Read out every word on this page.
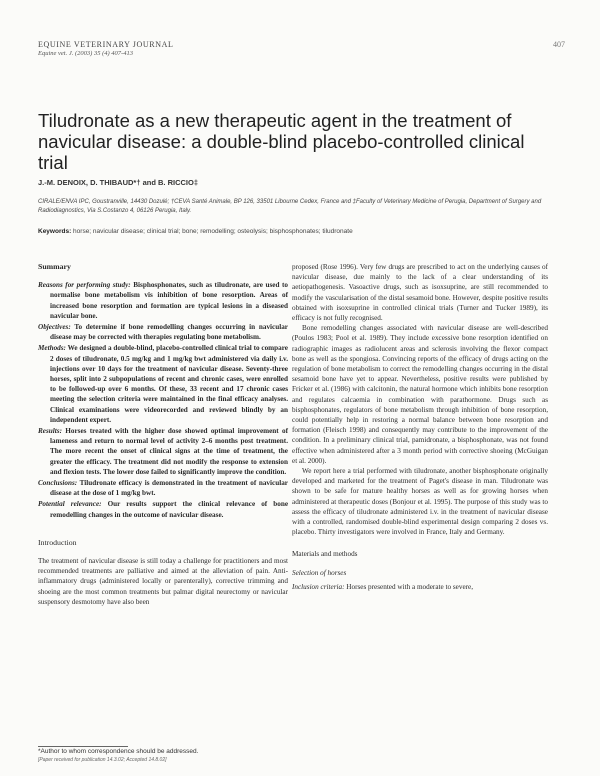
EQUINE VETERINARY JOURNAL
Equine vet. J. (2003) 35 (4) 407-413
407
Tiludronate as a new therapeutic agent in the treatment of navicular disease: a double-blind placebo-controlled clinical trial
J.-M. DENOIX, D. THIBAUD*† and B. RICCIO‡
CIRALE/ENVA IPC, Goustranville, 14430 Dozulé; †CEVA Santé Animale, BP 126, 33501 Libourne Cedex, France and ‡Faculty of Veterinary Medicine of Perugia, Department of Surgery and Radiodiagnostics, Via S.Costanzo 4, 06126 Perugia, Italy.
Keywords: horse; navicular disease; clinical trial; bone; remodelling; osteolysis; bisphosphonates; tiludronate
Summary

Reasons for performing study: Bisphosphonates, such as tiludronate, are used to normalise bone metabolism vis inhibition of bone resorption. Areas of increased bone resorption and formation are typical lesions in a diseased navicular bone.

Objectives: To determine if bone remodelling changes occurring in navicular disease may be corrected with therapies regulating bone metabolism.

Methods: We designed a double-blind, placebo-controlled clinical trial to compare 2 doses of tiludronate, 0.5 mg/kg and 1 mg/kg bwt administered via daily i.v. injections over 10 days for the treatment of navicular disease. Seventy-three horses, split into 2 subpopulations of recent and chronic cases, were enrolled to be followed-up over 6 months. Of these, 33 recent and 17 chronic cases meeting the selection criteria were maintained in the final efficacy analyses. Clinical examinations were videorecorded and reviewed blindly by an independent expert.

Results: Horses treated with the higher dose showed optimal improvement of lameness and return to normal level of activity 2–6 months post treatment. The more recent the onset of clinical signs at the time of treatment, the greater the efficacy. The treatment did not modify the response to extension and flexion tests. The lower dose failed to significantly improve the condition.

Conclusions: Tiludronate efficacy is demonstrated in the treatment of navicular disease at the dose of 1 mg/kg bwt.

Potential relevance: Our results support the clinical relevance of bone remodelling changes in the outcome of navicular disease.

Introduction

The treatment of navicular disease is still today a challenge for practitioners and most recommended treatments are palliative and aimed at the alleviation of pain. Anti-inflammatory drugs (administered locally or parenterally), corrective trimming and shoeing are the most common treatments but palmar digital neurectomy or navicular suspensory desmotomy have also been

proposed (Rose 1996). Very few drugs are prescribed to act on the underlying causes of navicular disease, due mainly to the lack of a clear understanding of its aetiopathogenesis. Vasoactive drugs, such as isoxsuprine, are still recommended to modify the vascularisation of the distal sesamoid bone. However, despite positive results obtained with isoxsuprine in controlled clinical trials (Turner and Tucker 1989), its efficacy is not fully recognised.

Bone remodelling changes associated with navicular disease are well-described (Poulos 1983; Pool et al. 1989). They include excessive bone resorption identified on radiographic images as radiolucent areas and sclerosis involving the flexor compact bone as well as the spongiosa. Convincing reports of the efficacy of drugs acting on the regulation of bone metabolism to correct the remodelling changes occurring in the distal sesamoid bone have yet to appear. Nevertheless, positive results were published by Fricker et al. (1986) with calcitonin, the natural hormone which inhibits bone resorption and regulates calcaemia in combination with parathormone. Drugs such as bisphosphonates, regulators of bone metabolism through inhibition of bone resorption, could potentially help in restoring a normal balance between bone resorption and formation (Fleisch 1998) and consequently may contribute to the improvement of the condition. In a preliminary clinical trial, pamidronate, a bisphosphonate, was not found effective when administered after a 3 month period with corrective shoeing (McGuigan et al. 2000).

We report here a trial performed with tiludronate, another bisphosphonate originally developed and marketed for the treatment of Paget's disease in man. Tiludronate was shown to be safe for mature healthy horses as well as for growing horses when administered at therapeutic doses (Bonjour et al. 1995). The purpose of this study was to assess the efficacy of tiludronate administered i.v. in the treatment of navicular disease with a controlled, randomised double-blind experimental design comparing 2 doses vs. placebo. Thirty investigators were involved in France, Italy and Germany.

Materials and methods
Selection of horses

Inclusion criteria: Horses presented with a moderate to severe,

*Author to whom correspondence should be addressed.
[Paper received for publication 14.3.02; Accepted 14.8.02]
